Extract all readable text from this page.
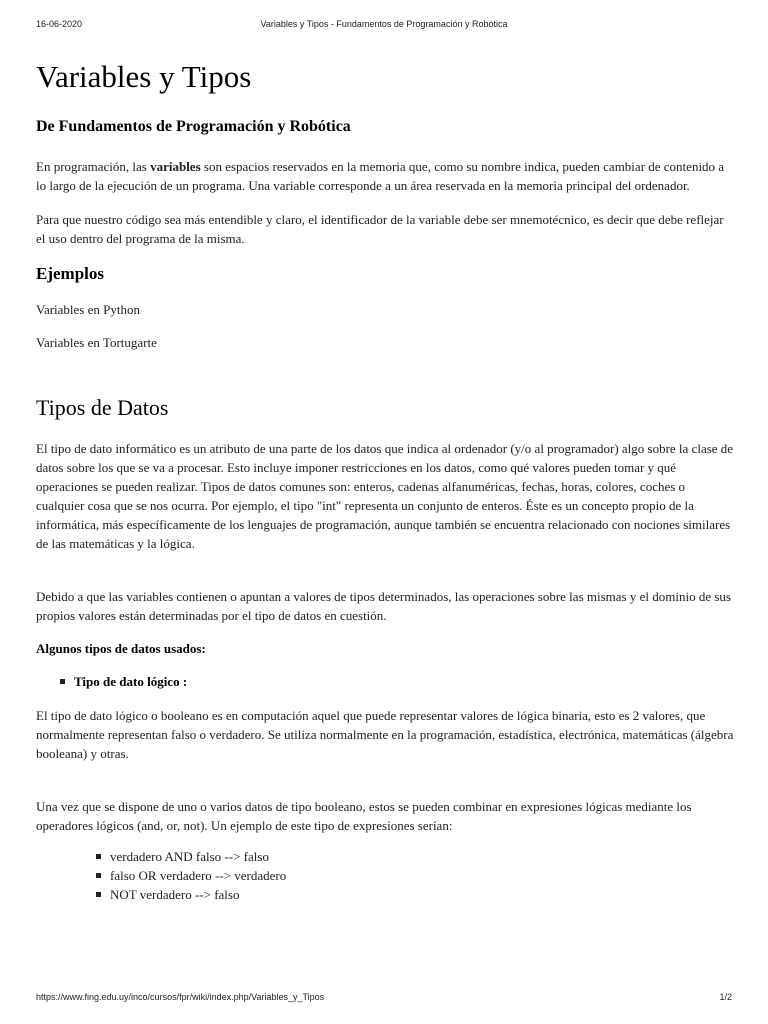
16-06-2020	Variables y Tipos - Fundamentos de Programación y Robótica
Variables y Tipos
De Fundamentos de Programación y Robótica

En programación, las variables son espacios reservados en la memoria que, como su nombre indica, pueden cambiar de contenido a lo largo de la ejecución de un programa. Una variable corresponde a un área reservada en la memoria principal del ordenador.

Para que nuestro código sea más entendible y claro, el identificador de la variable debe ser mnemotécnico, es decir que debe reflejar el uso dentro del programa de la misma.

Ejemplos

Variables en Python

Variables en Tortugarte

Tipos de Datos

El tipo de dato informático es un atributo de una parte de los datos que indica al ordenador (y/o al programador) algo sobre la clase de datos sobre los que se va a procesar. Esto incluye imponer restricciones en los datos, como qué valores pueden tomar y qué operaciones se pueden realizar. Tipos de datos comunes son: enteros, cadenas alfanuméricas, fechas, horas, colores, coches o cualquier cosa que se nos ocurra. Por ejemplo, el tipo "int" representa un conjunto de enteros. Éste es un concepto propio de la informática, más específicamente de los lenguajes de programación, aunque también se encuentra relacionado con nociones similares de las matemáticas y la lógica.

Debido a que las variables contienen o apuntan a valores de tipos determinados, las operaciones sobre las mismas y el dominio de sus propios valores están determinadas por el tipo de datos en cuestión.

Algunos tipos de datos usados:

Tipo de dato lógico :

El tipo de dato lógico o booleano es en computación aquel que puede representar valores de lógica binaria, esto es 2 valores, que normalmente representan falso o verdadero. Se utiliza normalmente en la programación, estadística, electrónica, matemáticas (álgebra booleana) y otras.

Una vez que se dispone de uno o varios datos de tipo booleano, estos se pueden combinar en expresiones lógicas mediante los operadores lógicos (and, or, not). Un ejemplo de este tipo de expresiones serían:

verdadero AND falso --> falso
falso OR verdadero --> verdadero
NOT verdadero --> falso
https://www.fing.edu.uy/inco/cursos/fpr/wiki/index.php/Variables_y_Tipos	1/2
